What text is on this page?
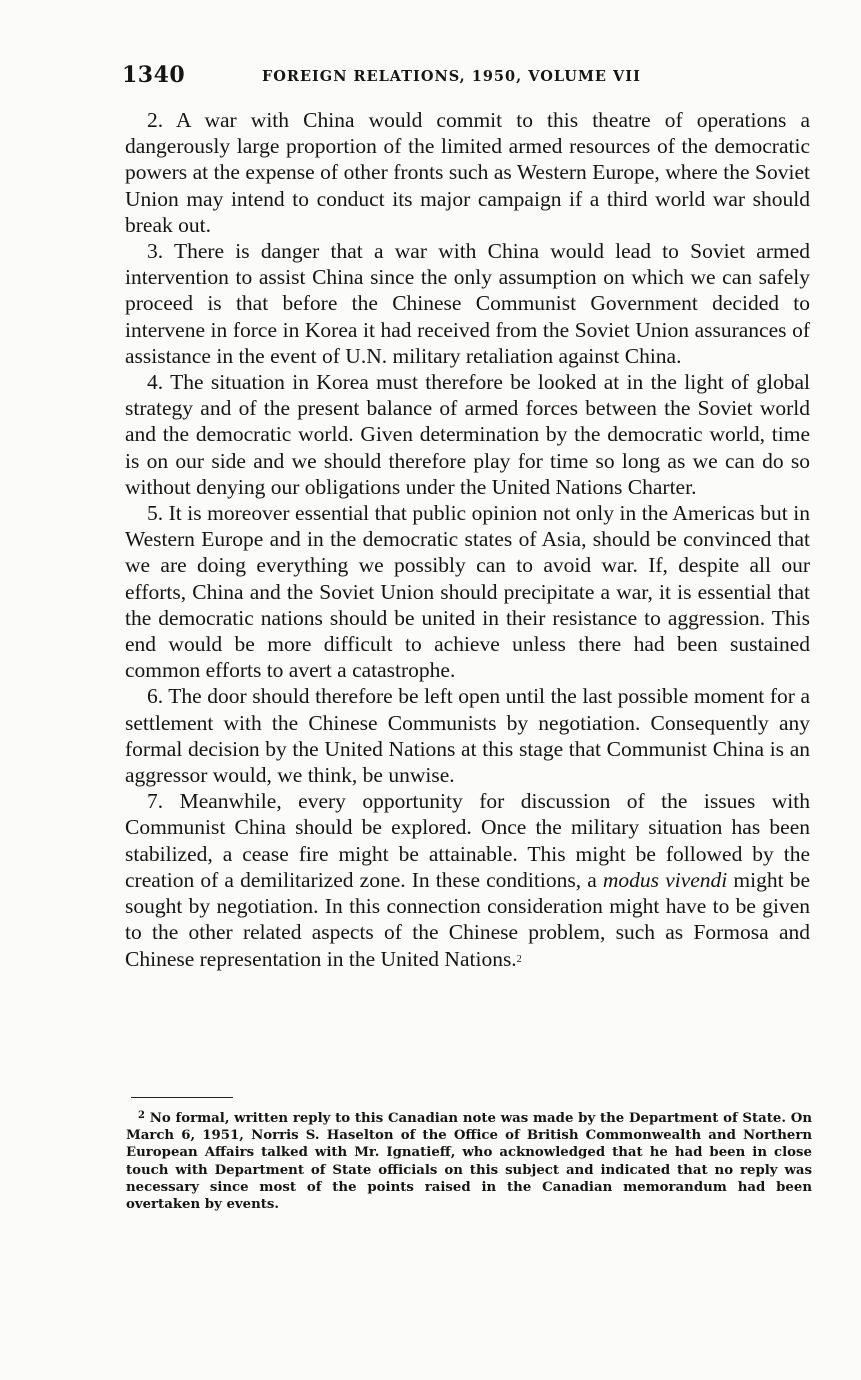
1340	FOREIGN RELATIONS, 1950, VOLUME VII

2. A war with China would commit to this theatre of operations a dangerously large proportion of the limited armed resources of the democratic powers at the expense of other fronts such as Western Europe, where the Soviet Union may intend to conduct its major campaign if a third world war should break out.

3. There is danger that a war with China would lead to Soviet armed intervention to assist China since the only assumption on which we can safely proceed is that before the Chinese Communist Government decided to intervene in force in Korea it had received from the Soviet Union assurances of assistance in the event of U.N. military retaliation against China.

4. The situation in Korea must therefore be looked at in the light of global strategy and of the present balance of armed forces between the Soviet world and the democratic world. Given determination by the democratic world, time is on our side and we should therefore play for time so long as we can do so without denying our obligations under the United Nations Charter.

5. It is moreover essential that public opinion not only in the Americas but in Western Europe and in the democratic states of Asia, should be convinced that we are doing everything we possibly can to avoid war. If, despite all our efforts, China and the Soviet Union should precipitate a war, it is essential that the democratic nations should be united in their resistance to aggression. This end would be more difficult to achieve unless there had been sustained common efforts to avert a catastrophe.

6. The door should therefore be left open until the last possible moment for a settlement with the Chinese Communists by negotiation. Consequently any formal decision by the United Nations at this stage that Communist China is an aggressor would, we think, be unwise.

7. Meanwhile, every opportunity for discussion of the issues with Communist China should be explored. Once the military situation has been stabilized, a cease fire might be attainable. This might be followed by the creation of a demilitarized zone. In these conditions, a modus vivendi might be sought by negotiation. In this connection consideration might have to be given to the other related aspects of the Chinese problem, such as Formosa and Chinese representation in the United Nations.$^2$

$^2$ No formal, written reply to this Canadian note was made by the Department of State. On March 6, 1951, Norris S. Haselton of the Office of British Commonwealth and Northern European Affairs talked with Mr. Ignatieff, who acknowledged that he had been in close touch with Department of State officials on this subject and indicated that no reply was necessary since most of the points raised in the Canadian memorandum had been overtaken by events.
